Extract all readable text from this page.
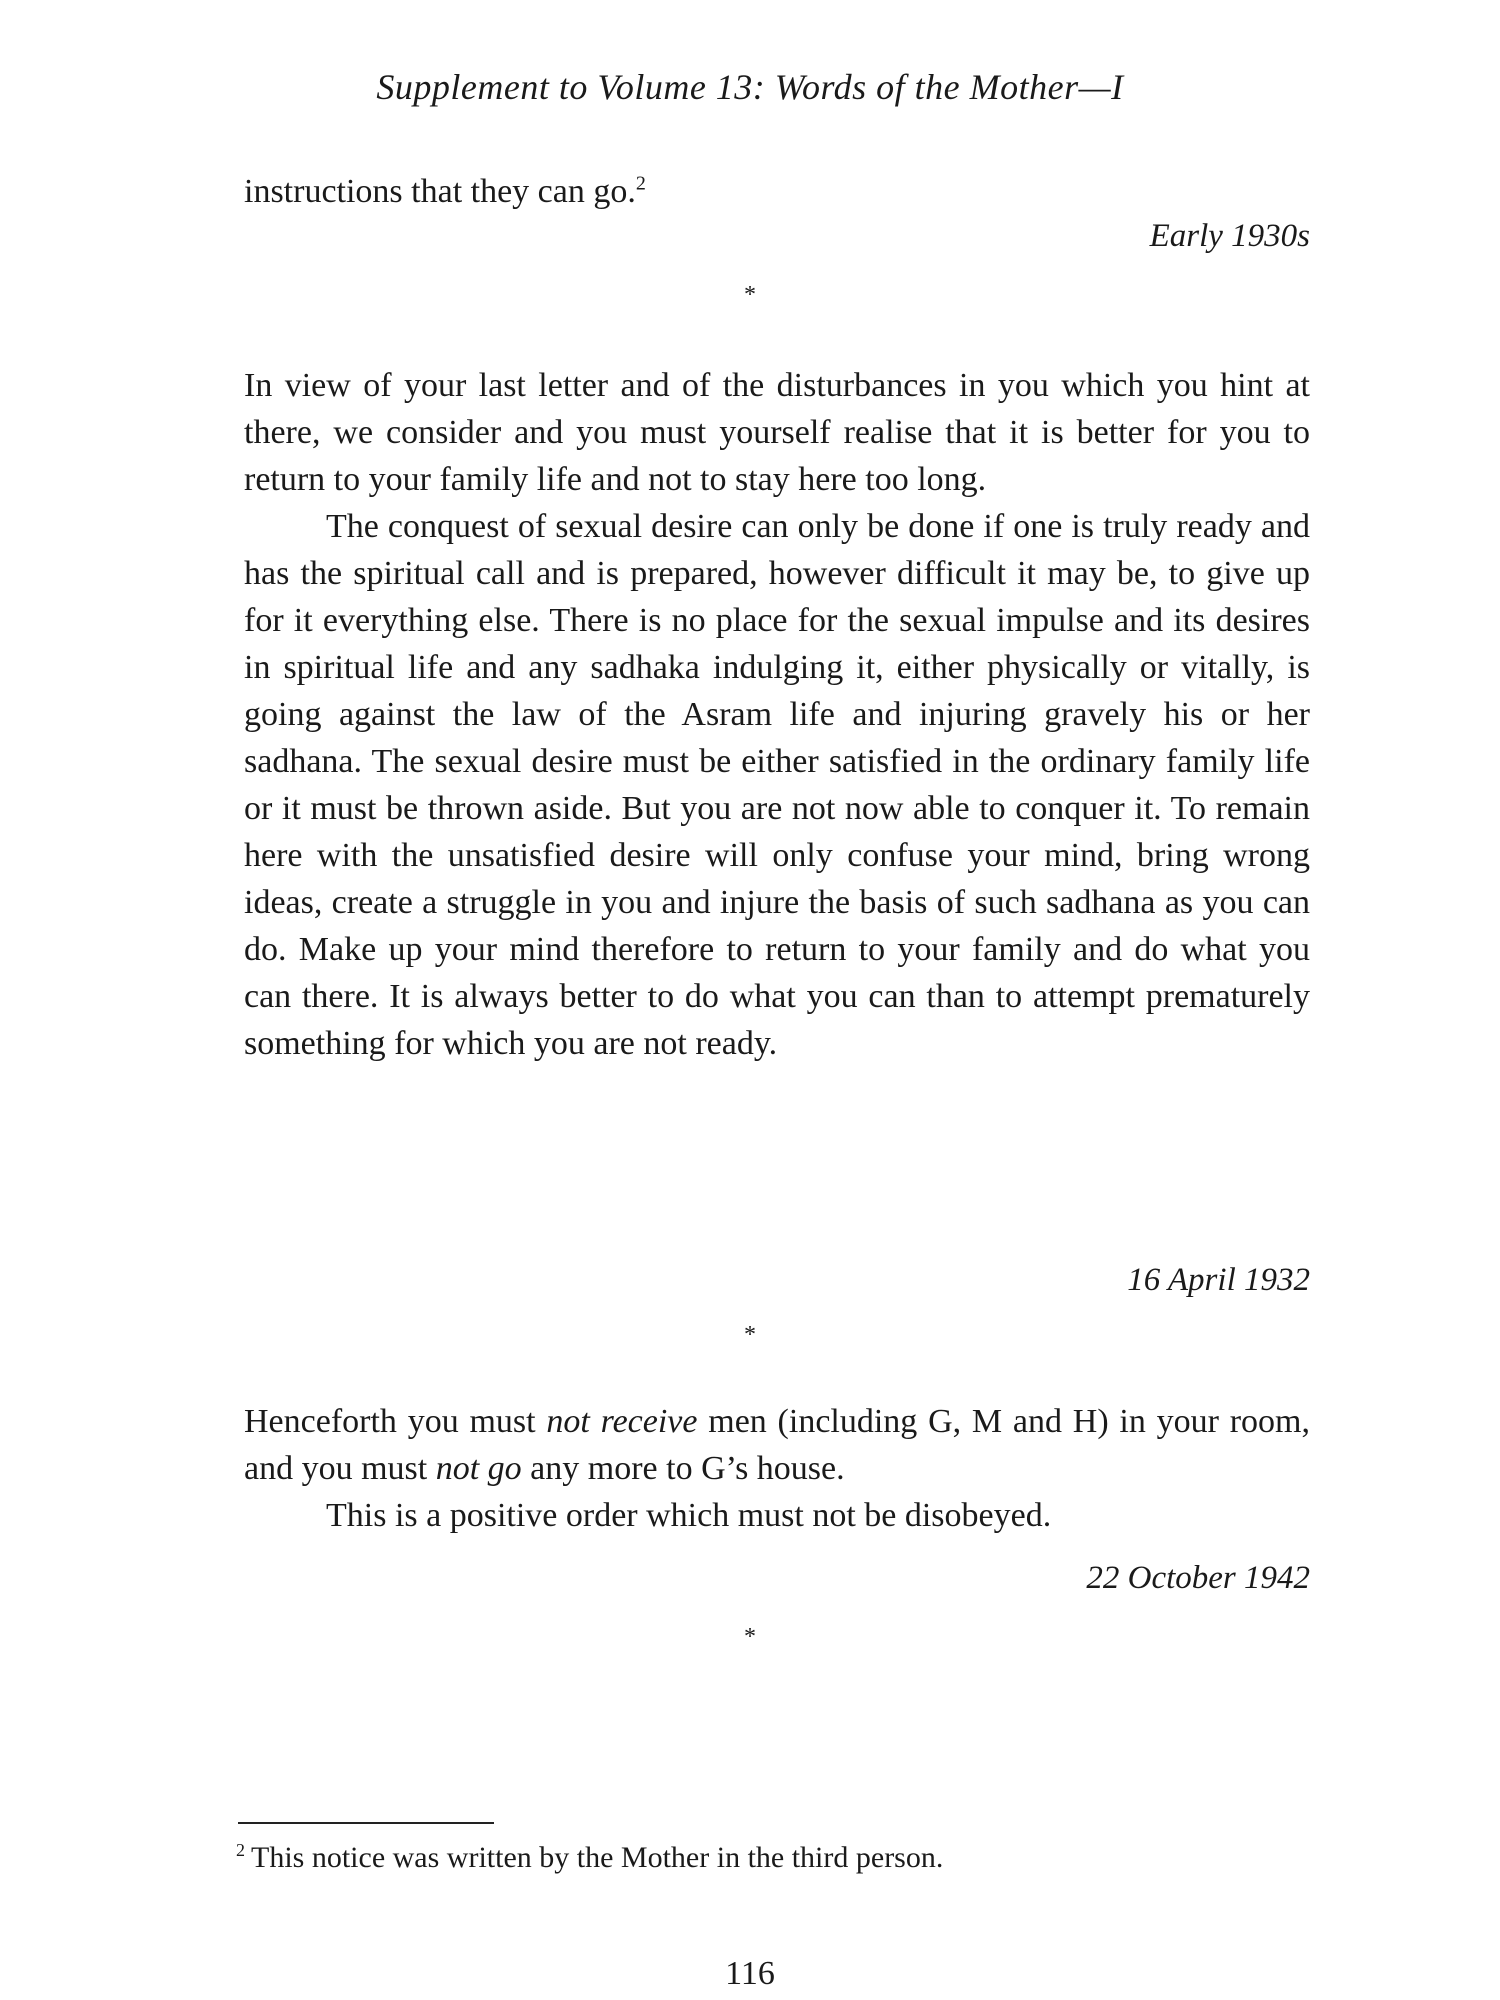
Supplement to Volume 13: Words of the Mother—I

instructions that they can go.$^2$

Early 1930s
*

In view of your last letter and of the disturbances in you which you hint at there, we consider and you must yourself realise that it is better for you to return to your family life and not to stay here too long.

The conquest of sexual desire can only be done if one is truly ready and has the spiritual call and is prepared, however difficult it may be, to give up for it everything else. There is no place for the sexual impulse and its desires in spiritual life and any sadhaka indulging it, either physically or vitally, is going against the law of the Asram life and injuring gravely his or her sadhana. The sexual desire must be either satisfied in the ordinary family life or it must be thrown aside. But you are not now able to conquer it. To remain here with the unsatisfied desire will only confuse your mind, bring wrong ideas, create a struggle in you and injure the basis of such sadhana as you can do. Make up your mind therefore to return to your family and do what you can there. It is always better to do what you can than to attempt prematurely something for which you are not ready.

16 April 1932
*

Henceforth you must not receive men (including G, M and H) in your room, and you must not go any more to G’s house.

This is a positive order which must not be disobeyed.

22 October 1942
*
$^2$ This notice was written by the Mother in the third person.
116
